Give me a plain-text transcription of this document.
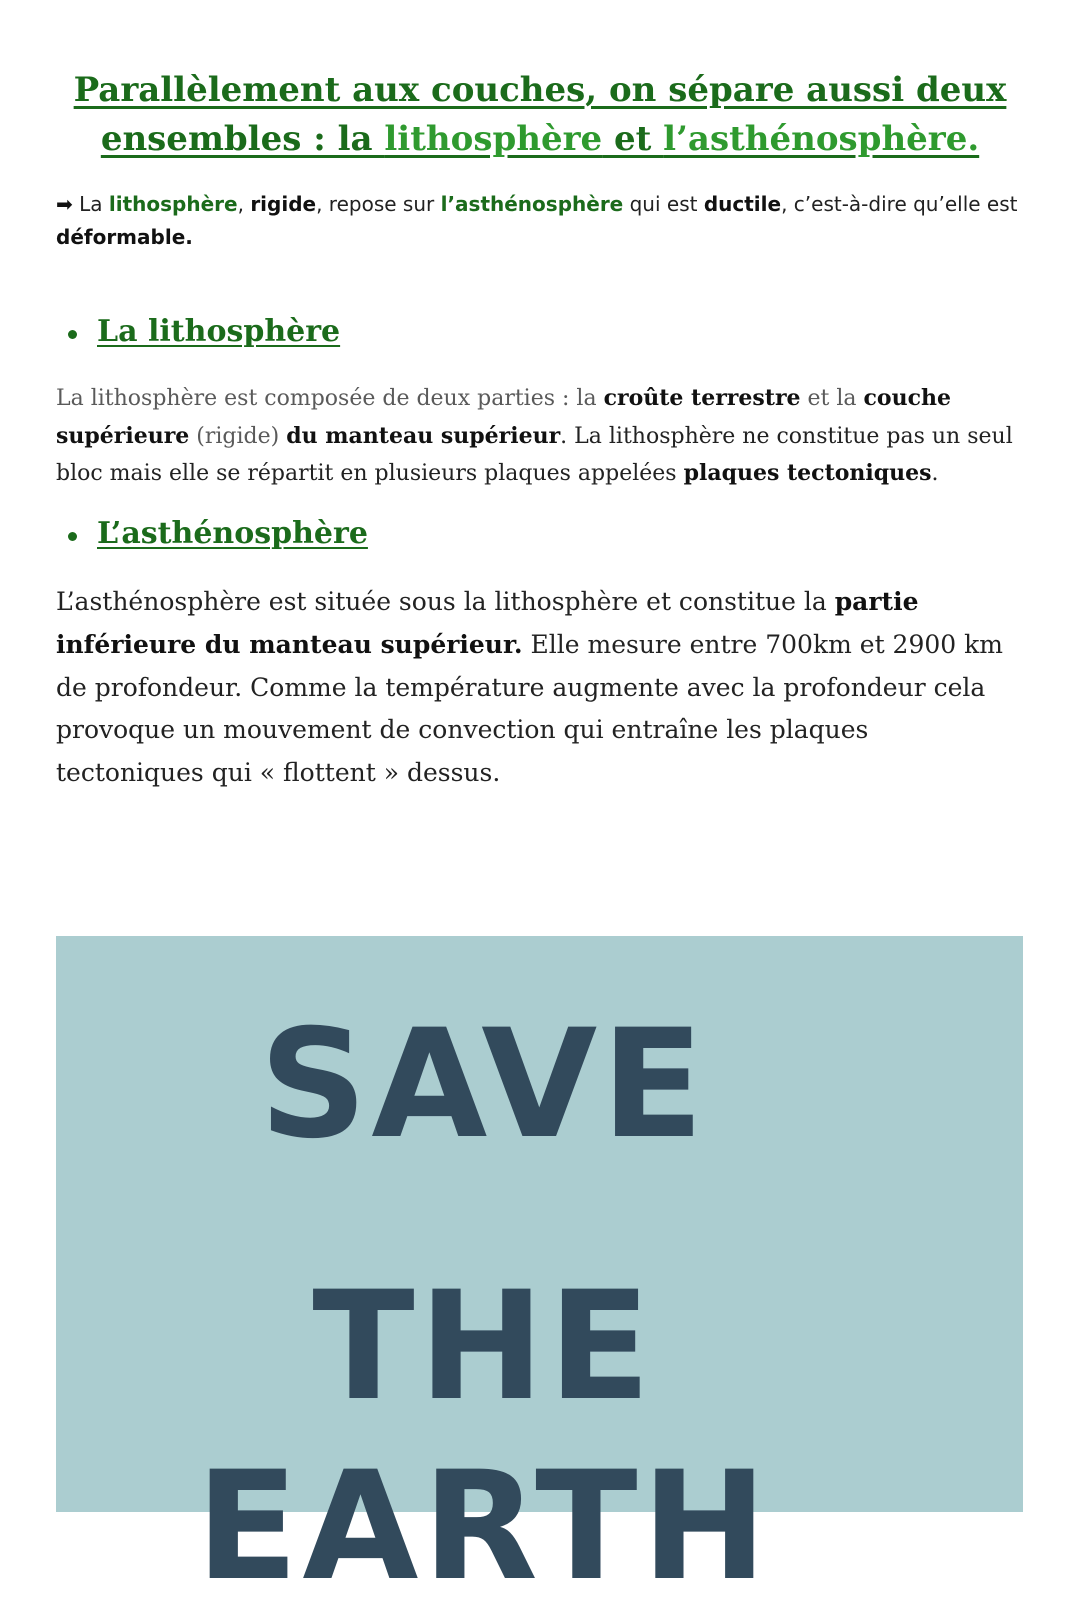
Parallèlement aux couches, on sépare aussi deux ensembles : la lithosphère et l’asthénosphère.

➡ La lithosphère, rigide, repose sur l’asthénosphère qui est ductile, c’est-à-dire qu’elle est déformable.

La lithosphère

La lithosphère est composée de deux parties : la croûte terrestre et la couche supérieure (rigide) du manteau supérieur. La lithosphère ne constitue pas un seul bloc mais elle se répartit en plusieurs plaques appelées plaques tectoniques.

L’asthénosphère

L’asthénosphère est située sous la lithosphère et constitue la partie inférieure du manteau supérieur. Elle mesure entre 700km et 2900 km de profondeur. Comme la température augmente avec la profondeur cela provoque un mouvement de convection qui entraîne les plaques tectoniques qui « flottent » dessus.

SAVE
THE
EARTH
